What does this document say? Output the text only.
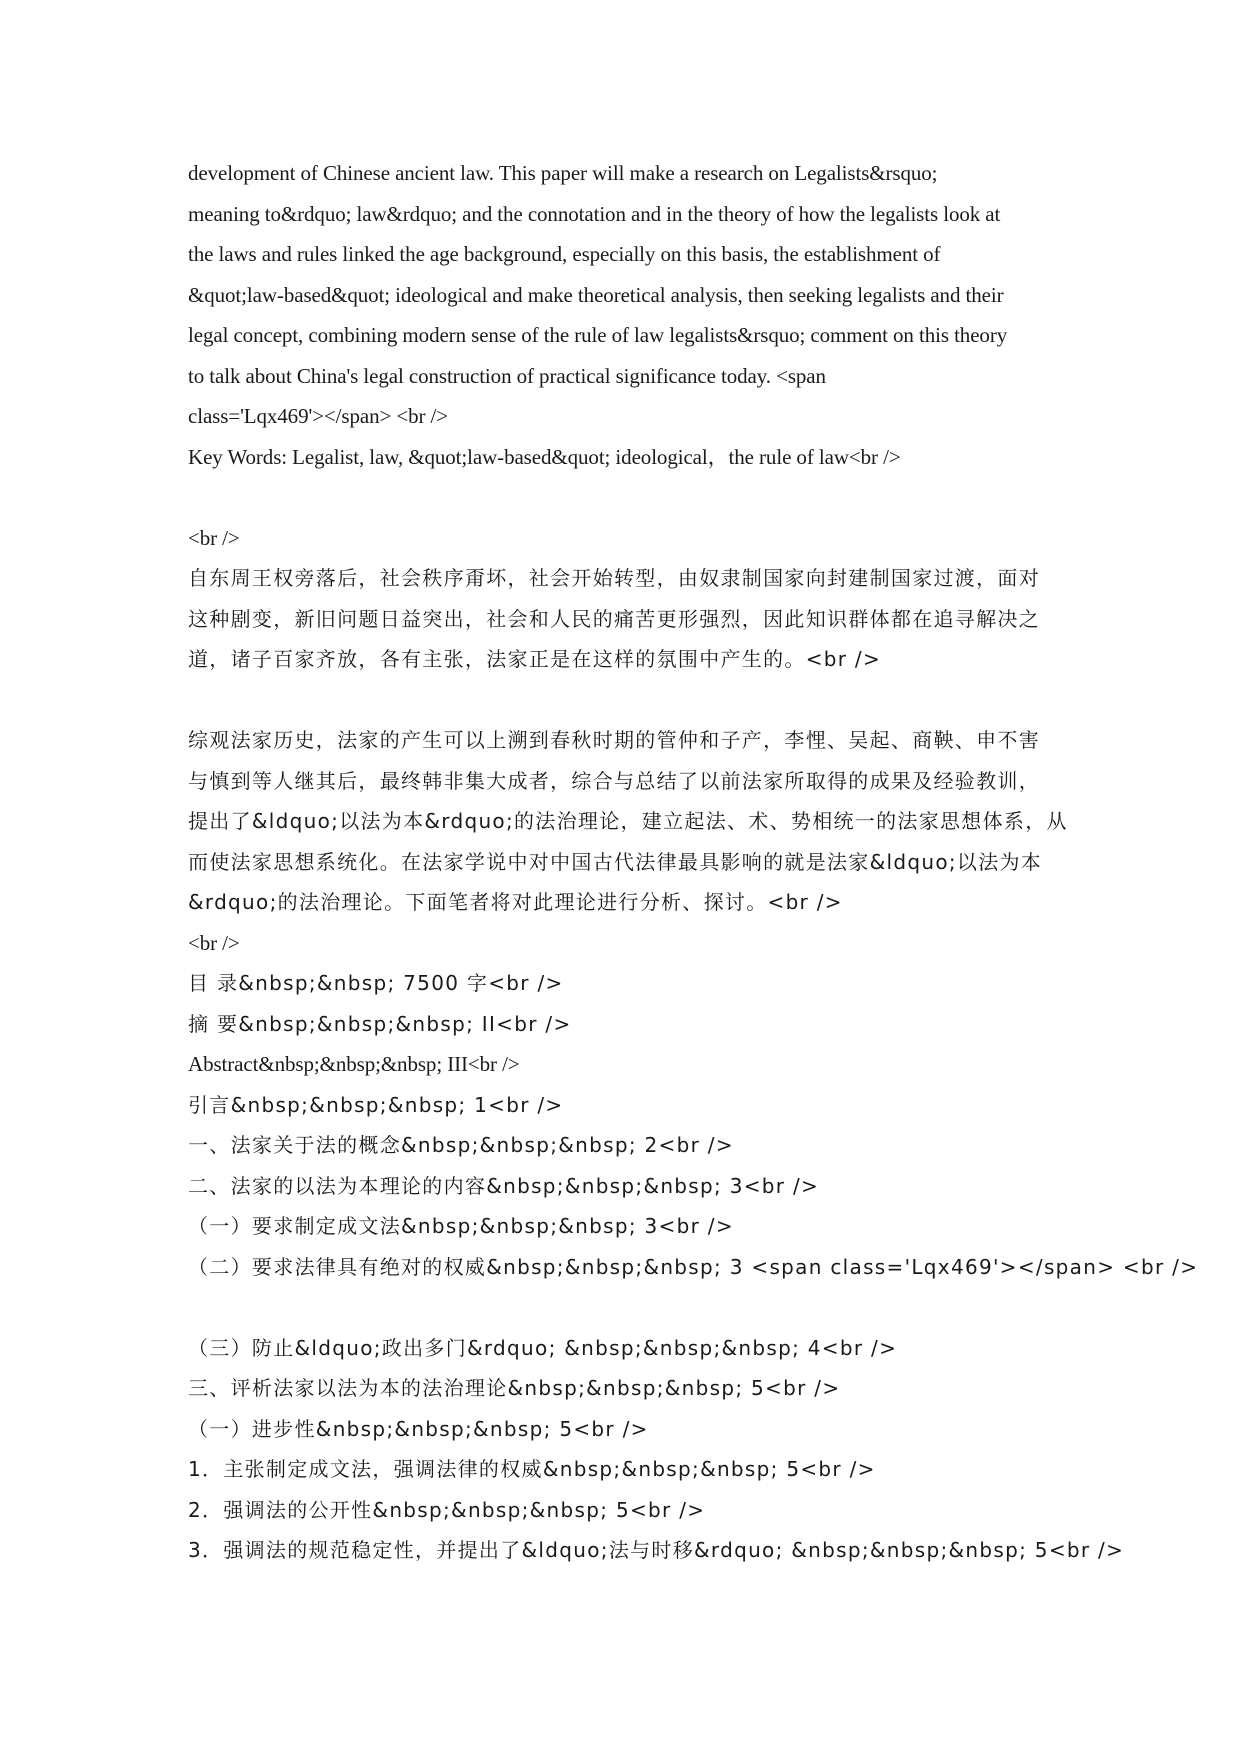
development of Chinese ancient law. This paper will make a research on Legalists&rsquo;
meaning to&rdquo; law&rdquo; and the connotation and in the theory of how the legalists look at
the laws and rules linked the age background, especially on this basis, the establishment of
&quot;law-based&quot; ideological and make theoretical analysis, then seeking legalists and their
legal concept, combining modern sense of the rule of law legalists&rsquo; comment on this theory
to talk about China's legal construction of practical significance today. <span
class='Lqx469'></span> <br />
Key Words: Legalist, law, &quot;law-based&quot; ideological，the rule of law<br />
<br />
自东周王权旁落后，社会秩序甭坏，社会开始转型，由奴隶制国家向封建制国家过渡，面对
这种剧变，新旧问题日益突出，社会和人民的痛苦更形强烈，因此知识群体都在追寻解决之
道，诸子百家齐放，各有主张，法家正是在这样的氛围中产生的。<br />
综观法家历史，法家的产生可以上溯到春秋时期的管仲和子产，李悝、吴起、商鞅、申不害
与慎到等人继其后，最终韩非集大成者，综合与总结了以前法家所取得的成果及经验教训，
提出了&ldquo;以法为本&rdquo;的法治理论，建立起法、术、势相统一的法家思想体系，从
而使法家思想系统化。在法家学说中对中国古代法律最具影响的就是法家&ldquo;以法为本
&rdquo;的法治理论。下面笔者将对此理论进行分析、探讨。<br />
<br />
目 录&nbsp;&nbsp; 7500 字<br />
摘 要&nbsp;&nbsp;&nbsp; II<br />
Abstract&nbsp;&nbsp;&nbsp; III<br />
引言&nbsp;&nbsp;&nbsp; 1<br />
一、法家关于法的概念&nbsp;&nbsp;&nbsp; 2<br />
二、法家的以法为本理论的内容&nbsp;&nbsp;&nbsp; 3<br />
（一）要求制定成文法&nbsp;&nbsp;&nbsp; 3<br />
（二）要求法律具有绝对的权威&nbsp;&nbsp;&nbsp; 3 <span class='Lqx469'></span> <br />
（三）防止&ldquo;政出多门&rdquo; &nbsp;&nbsp;&nbsp; 4<br />
三、评析法家以法为本的法治理论&nbsp;&nbsp;&nbsp; 5<br />
（一）进步性&nbsp;&nbsp;&nbsp; 5<br />
1．主张制定成文法，强调法律的权威&nbsp;&nbsp;&nbsp; 5<br />
2．强调法的公开性&nbsp;&nbsp;&nbsp; 5<br />
3．强调法的规范稳定性，并提出了&ldquo;法与时移&rdquo; &nbsp;&nbsp;&nbsp; 5<br />
